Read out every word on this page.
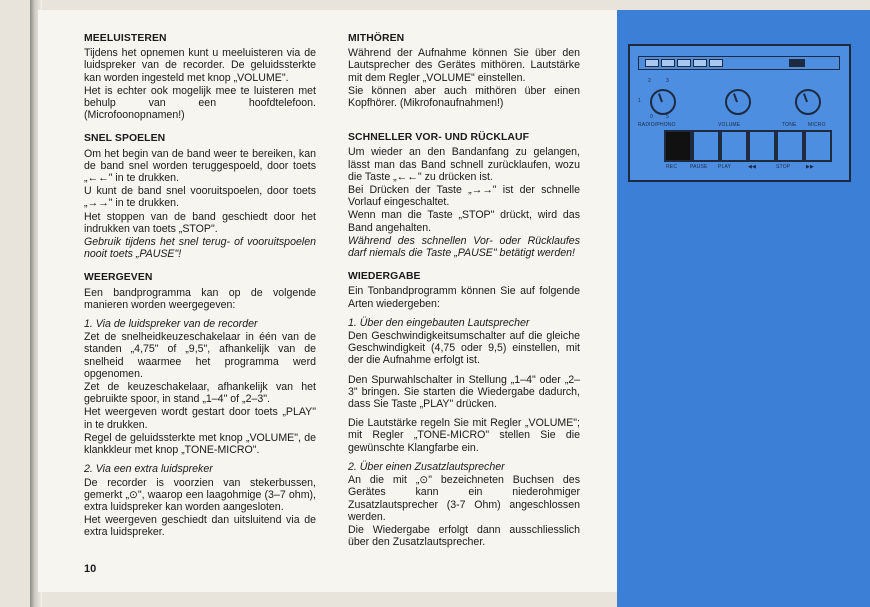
MEELUISTEREN
Tijdens het opnemen kunt u meeluisteren via de luidspreker van de recorder. De geluidssterkte kan worden ingesteld met knop „VOLUME".
Het is echter ook mogelijk mee te luisteren met behulp van een hoofdtelefoon. (Microfoonopnamen!)
SNEL SPOELEN
Om het begin van de band weer te bereiken, kan de band snel worden teruggespoeld, door toets „←←" in te drukken.
U kunt de band snel vooruitspoelen, door toets „→→" in te drukken.
Het stoppen van de band geschiedt door het indrukken van toets „STOP".
Gebruik tijdens het snel terug- of vooruitspoelen nooit toets „PAUSE"!
WEERGEVEN
Een bandprogramma kan op de volgende manieren worden weergegeven:
1. Via de luidspreker van de recorder
Zet de snelheidkeuzeschakelaar in één van de standen „4,75" of „9,5", afhankelijk van de snelheid waarmee het programma werd opgenomen.
Zet de keuzeschakelaar, afhankelijk van het gebruikte spoor, in stand „1–4" of „2–3".
Het weergeven wordt gestart door toets „PLAY" in te drukken.
Regel de geluidssterkte met knop „VOLUME", de klankkleur met knop „TONE-MICRO".
2. Via een extra luidspreker
De recorder is voorzien van stekerbussen, gemerkt „⊙", waarop een laagohmige (3–7 ohm), extra luidspreker kan worden aangesloten.
Het weergeven geschiedt dan uitsluitend via de extra luidspreker.
10
MITHÖREN
Während der Aufnahme können Sie über den Lautsprecher des Gerätes mithören. Lautstärke mit dem Regler „VOLUME" einstellen.
Sie können aber auch mithören über einen Kopfhörer. (Mikrofonaufnahmen!)
SCHNELLER VOR- UND RÜCKLAUF
Um wieder an den Bandanfang zu gelangen, lässt man das Band schnell zurücklaufen, wozu die Taste „←←" zu drücken ist.
Bei Drücken der Taste „→→" ist der schnelle Vorlauf eingeschaltet.
Wenn man die Taste „STOP" drückt, wird das Band angehalten.
Während des schnellen Vor- oder Rücklaufes darf niemals die Taste „PAUSE" betätigt werden!
WIEDERGABE
Ein Tonbandprogramm können Sie auf folgende Arten wiedergeben:
1. Über den eingebauten Lautsprecher
Den Geschwindigkeitsumschalter auf die gleiche Geschwindigkeit (4,75 oder 9,5) einstellen, mit der die Aufnahme erfolgt ist.
Den Spurwahlschalter in Stellung „1–4" oder „2–3" bringen. Sie starten die Wiedergabe dadurch, dass Sie Taste „PLAY" drücken.
Die Lautstärke regeln Sie mit Regler „VOLUME"; mit Regler „TONE-MICRO" stellen Sie die gewünschte Klangfarbe ein.
2. Über einen Zusatzlautsprecher
An die mit „⊙" bezeichneten Buchsen des Gerätes kann ein niederohmiger Zusatzlautsprecher (3-7 Ohm) angeschlossen werden.
Die Wiedergabe erfolgt dann ausschliesslich über den Zusatzlautsprecher.
2	3
1
0	5
RADIO/PHONO	VOLUME	TONE MICRO
REC	PAUSE PLAY	◀◀	STOP	▶▶
